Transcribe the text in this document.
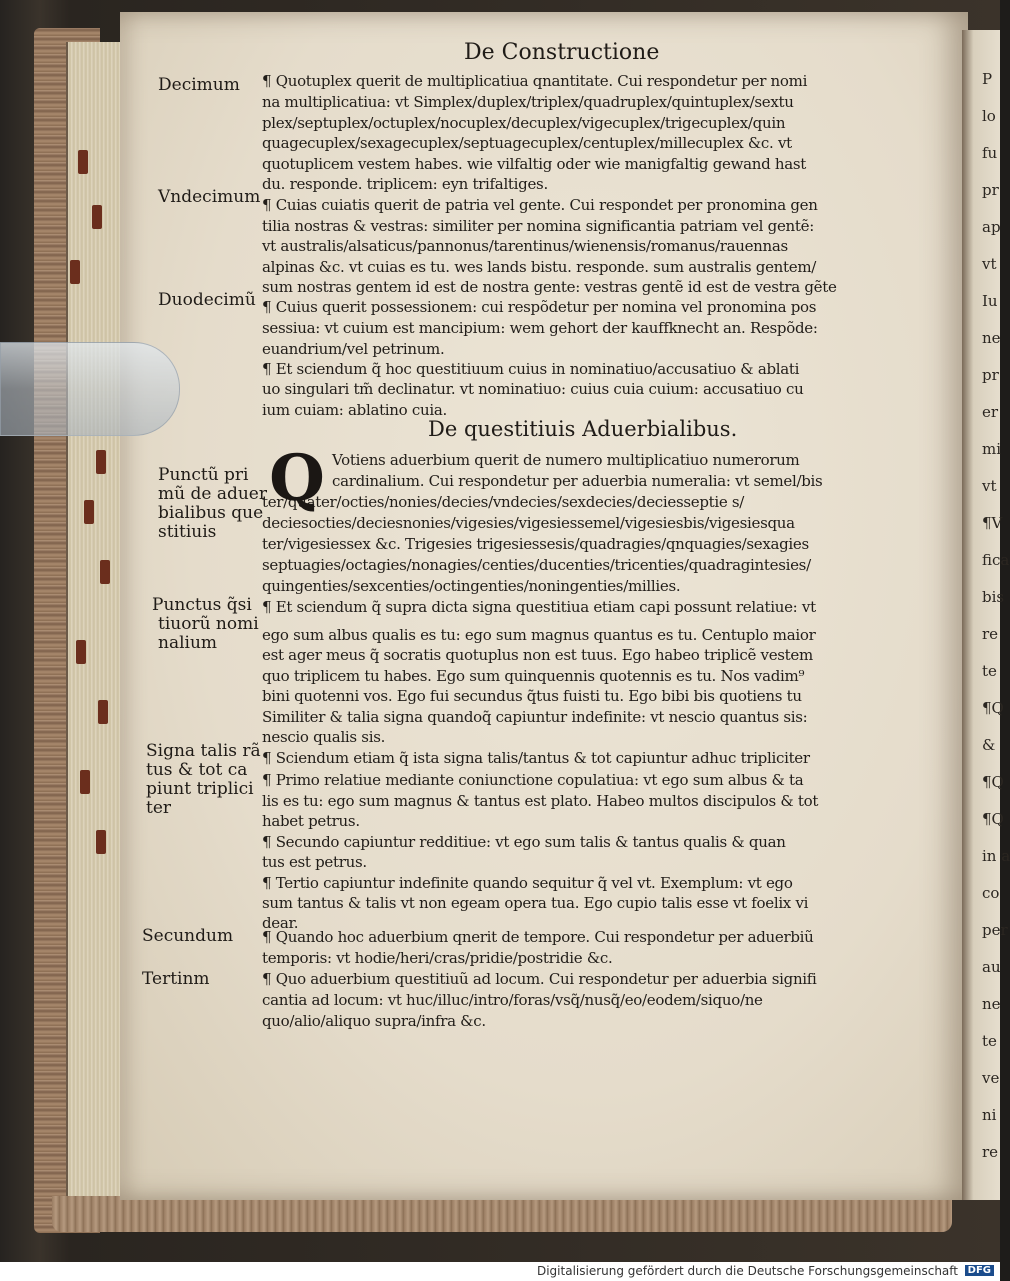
P
lo
fu
pr
ap
vt
Iu
ne
pr
er
mi
vt
¶V
fica
bis
re
te
¶Q
&
¶Q
¶Q
in a
co
per
au
ne
te
ve
ni
re
De Constructione
Decimum
Vndecimum
Duodecimũ
Punctũ pri
mũ de aduer
bialibus que
stitiuis
Punctus q̃si
tiuorũ nomi
nalium
Signa talis rã
tus & tot ca
piunt triplici
ter
Secundum
Tertinm
¶ Quotuplex querit de multiplicatiua qnantitate. Cui respondetur per nomi
na multiplicatiua: vt Simplex/duplex/triplex/quadruplex/quintuplex/sextu
plex/septuplex/octuplex/nocuplex/decuplex/vigecuplex/trigecuplex/quin
quagecuplex/sexagecuplex/septuagecuplex/centuplex/millecuplex &c. vt
quotuplicem vestem habes. wie vilfaltig oder wie manigfaltig gewand hast
du. responde. triplicem: eyn trifaltiges.
¶ Cuias cuiatis querit de patria vel gente. Cui respondet per pronomina gen
tilia nostras & vestras: similiter per nomina significantia patriam vel gentẽ:
vt australis/alsaticus/pannonus/tarentinus/wienensis/romanus/rauennas
alpinas &c. vt cuias es tu. wes lands bistu. responde. sum australis gentem/
sum nostras gentem id est de nostra gente: vestras gentẽ id est de vestra gẽte
¶ Cuius querit possessionem: cui respõdetur per nomina vel pronomina pos
sessiua: vt cuium est mancipium: wem gehort der kauffknecht an. Respõde:
euandrium/vel petrinum.
¶ Et sciendum q̃ hoc questitiuum cuius in nominatiuo/accusatiuo & ablati
uo singulari tm̃ declinatur. vt nominatiuo: cuius cuia cuium: accusatiuo cu
ium cuiam: ablatino cuia.
Votiens aduerbium querit de numero multiplicatiuo numerorum
cardinalium. Cui respondetur per aduerbia numeralia: vt semel/bis
ter/quater/octies/nonies/decies/vndecies/sexdecies/deciesseptie s/
deciesocties/deciesnonies/vigesies/vigesiessemel/vigesiesbis/vigesiesqua
ter/vigesiessex &c. Trigesies trigesiessesis/quadragies/qnquagies/sexagies
septuagies/octagies/nonagies/centies/ducenties/tricenties/quadragintesies/
quingenties/sexcenties/octingenties/noningenties/millies.
¶ Et sciendum q̃ supra dicta signa questitiua etiam capi possunt relatiue: vt
ego sum albus qualis es tu: ego sum magnus quantus es tu. Centuplo maior
est ager meus q̃ socratis quotuplus non est tuus. Ego habeo triplicẽ vestem
quo triplicem tu habes. Ego sum quinquennis quotennis es tu. Nos vadim⁹
bini quotenni vos. Ego fui secundus q̃tus fuisti tu. Ego bibi bis quotiens tu
Similiter & talia signa quandoq̃ capiuntur indefinite: vt nescio quantus sis:
nescio qualis sis.
¶ Sciendum etiam q̃ ista signa talis/tantus & tot capiuntur adhuc tripliciter
¶ Primo relatiue mediante coniunctione copulatiua: vt ego sum albus & ta
lis es tu: ego sum magnus & tantus est plato. Habeo multos discipulos & tot
habet petrus.
¶ Secundo capiuntur redditiue: vt ego sum talis & tantus qualis & quan
tus est petrus.
¶ Tertio capiuntur indefinite quando sequitur q̃ vel vt. Exemplum: vt ego
sum tantus & talis vt non egeam opera tua. Ego cupio talis esse vt foelix vi
dear.
¶ Quando hoc aduerbium qnerit de tempore. Cui respondetur per aduerbiũ
temporis: vt hodie/heri/cras/pridie/postridie &c.
¶ Quo aduerbium questitiuũ ad locum. Cui respondetur per aduerbia signifi
cantia ad locum: vt huc/illuc/intro/foras/vsq̃/nusq̃/eo/eodem/siquo/ne
quo/alio/aliquo supra/infra &c.
De questitiuis Aduerbialibus.
Q
Digitalisierung gefördert durch die Deutsche Forschungsgemeinschaft DFG
